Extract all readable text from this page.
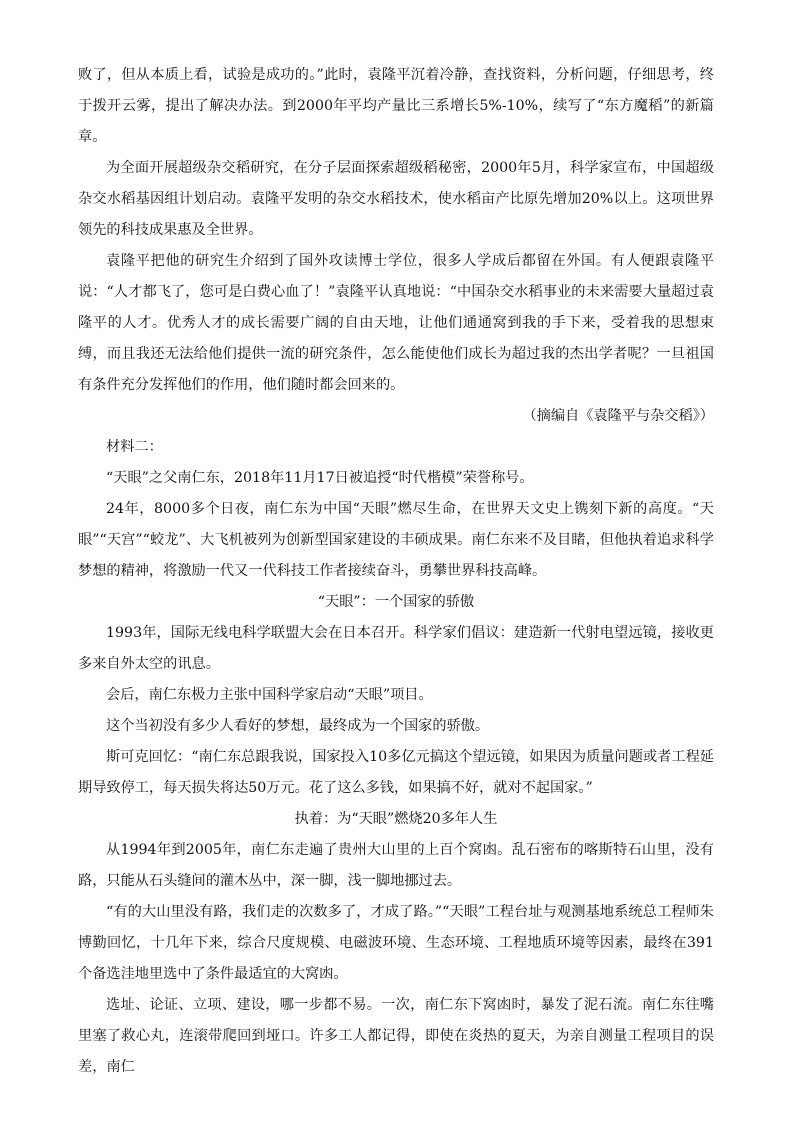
败了，但从本质上看，试验是成功的。”此时，袁隆平沉着冷静，查找资料，分析问题，仔细思考，终于拨开云雾，提出了解决办法。到2000年平均产量比三系增长5%-10%，续写了“东方魔稻”的新篇章。

为全面开展超级杂交稻研究，在分子层面探索超级稻秘密，2000年5月，科学家宣布，中国超级杂交水稻基因组计划启动。袁隆平发明的杂交水稻技术，使水稻亩产比原先增加20%以上。这项世界领先的科技成果惠及全世界。

袁隆平把他的研究生介绍到了国外攻读博士学位，很多人学成后都留在外国。有人便跟袁隆平说：“人才都飞了，您可是白费心血了！”袁隆平认真地说：“中国杂交水稻事业的未来需要大量超过袁隆平的人才。优秀人才的成长需要广阔的自由天地，让他们通通窝到我的手下来，受着我的思想束缚，而且我还无法给他们提供一流的研究条件，怎么能使他们成长为超过我的杰出学者呢？一旦祖国有条件充分发挥他们的作用，他们随时都会回来的。

（摘编自《袁隆平与杂交稻》）

材料二：

“天眼”之父南仁东，2018年11月17日被追授“时代楷模”荣誉称号。

24年，8000多个日夜，南仁东为中国“天眼”燃尽生命，在世界天文史上镌刻下新的高度。“天眼”“天宫”“蛟龙”、大飞机被列为创新型国家建设的丰硕成果。南仁东来不及目睹，但他执着追求科学梦想的精神，将激励一代又一代科技工作者接续奋斗，勇攀世界科技高峰。

“天眼”：一个国家的骄傲

1993年，国际无线电科学联盟大会在日本召开。科学家们倡议：建造新一代射电望远镜，接收更多来自外太空的讯息。

会后，南仁东极力主张中国科学家启动“天眼”项目。

这个当初没有多少人看好的梦想，最终成为一个国家的骄傲。

斯可克回忆：“南仁东总跟我说，国家投入10多亿元搞这个望远镜，如果因为质量问题或者工程延期导致停工，每天损失将达50万元。花了这么多钱，如果搞不好，就对不起国家。”

执着：为“天眼”燃烧20多年人生

从1994年到2005年，南仁东走遍了贵州大山里的上百个窝凼。乱石密布的喀斯特石山里，没有路，只能从石头缝间的灌木丛中，深一脚，浅一脚地挪过去。

“有的大山里没有路，我们走的次数多了，才成了路。”“天眼”工程台址与观测基地系统总工程师朱博勤回忆，十几年下来，综合尺度规模、电磁波环境、生态环境、工程地质环境等因素，最终在391个备选洼地里选中了条件最适宜的大窝凼。

选址、论证、立项、建设，哪一步都不易。一次，南仁东下窝凼时，暴发了泥石流。南仁东往嘴里塞了救心丸，连滚带爬回到垭口。许多工人都记得，即使在炎热的夏天，为亲自测量工程项目的误差，南仁
